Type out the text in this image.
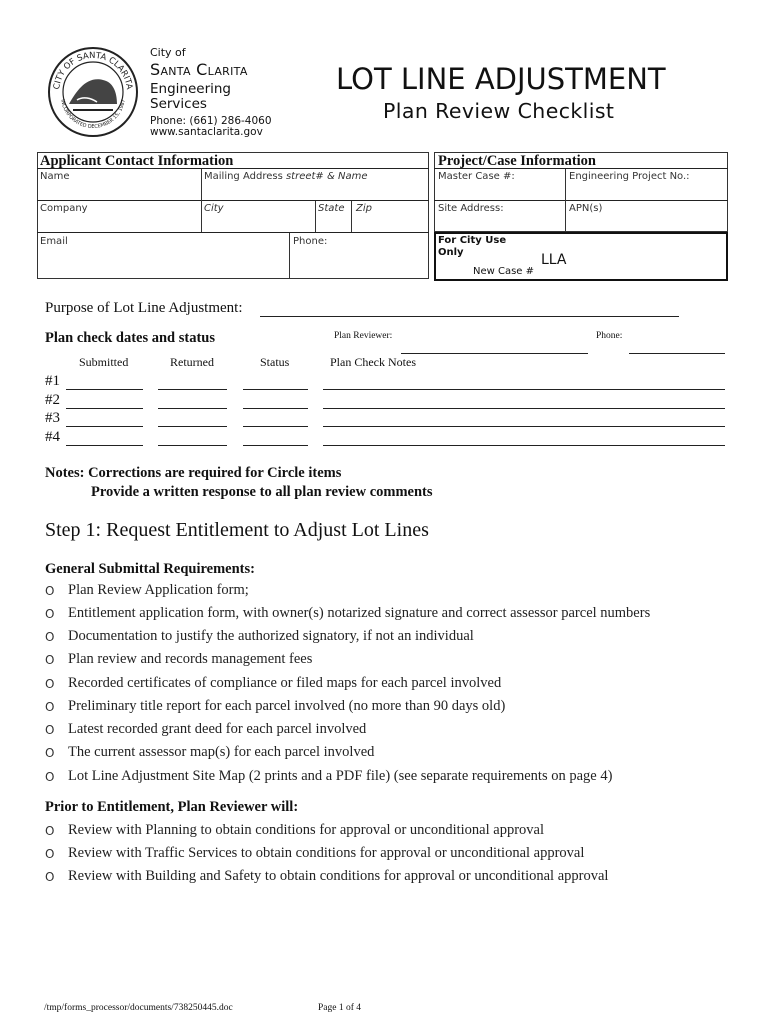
CITY OF SANTA CLARITA
INCORPORATED DECEMBER 15, 1987
City of
Santa Clarita
Engineering
Services
Phone: (661) 286-4060
www.santaclarita.gov
LOT LINE ADJUSTMENT
Plan Review Checklist
Applicant Contact Information
Name	Mailing Address street# & Name
Company	City	State Zip
Email	Phone:
Project/Case Information
Master Case #:	Engineering Project No.:
Site Address:	APN(s)
For City Use
Only	LLA
New Case #
Purpose of Lot Line Adjustment:
Plan check dates and status	Plan Reviewer:	Phone:
Submitted	Returned	Status	Plan Check Notes
#1
#2
#3
#4
Notes: Corrections are required for Circle items
Provide a written response to all plan review comments
Step 1: Request Entitlement to Adjust Lot Lines
General Submittal Requirements:
O Plan Review Application form;
O Entitlement application form, with owner(s) notarized signature and correct assessor parcel numbers
O Documentation to justify the authorized signatory, if not an individual
O Plan review and records management fees
O Recorded certificates of compliance or filed maps for each parcel involved
O Preliminary title report for each parcel involved (no more than 90 days old)
O Latest recorded grant deed for each parcel involved
O The current assessor map(s) for each parcel involved
O Lot Line Adjustment Site Map (2 prints and a PDF file) (see separate requirements on page 4)
Prior to Entitlement, Plan Reviewer will:
O Review with Planning to obtain conditions for approval or unconditional approval
O Review with Traffic Services to obtain conditions for approval or unconditional approval
O Review with Building and Safety to obtain conditions for approval or unconditional approval
/tmp/forms_processor/documents/738250445.doc	Page 1 of 4
